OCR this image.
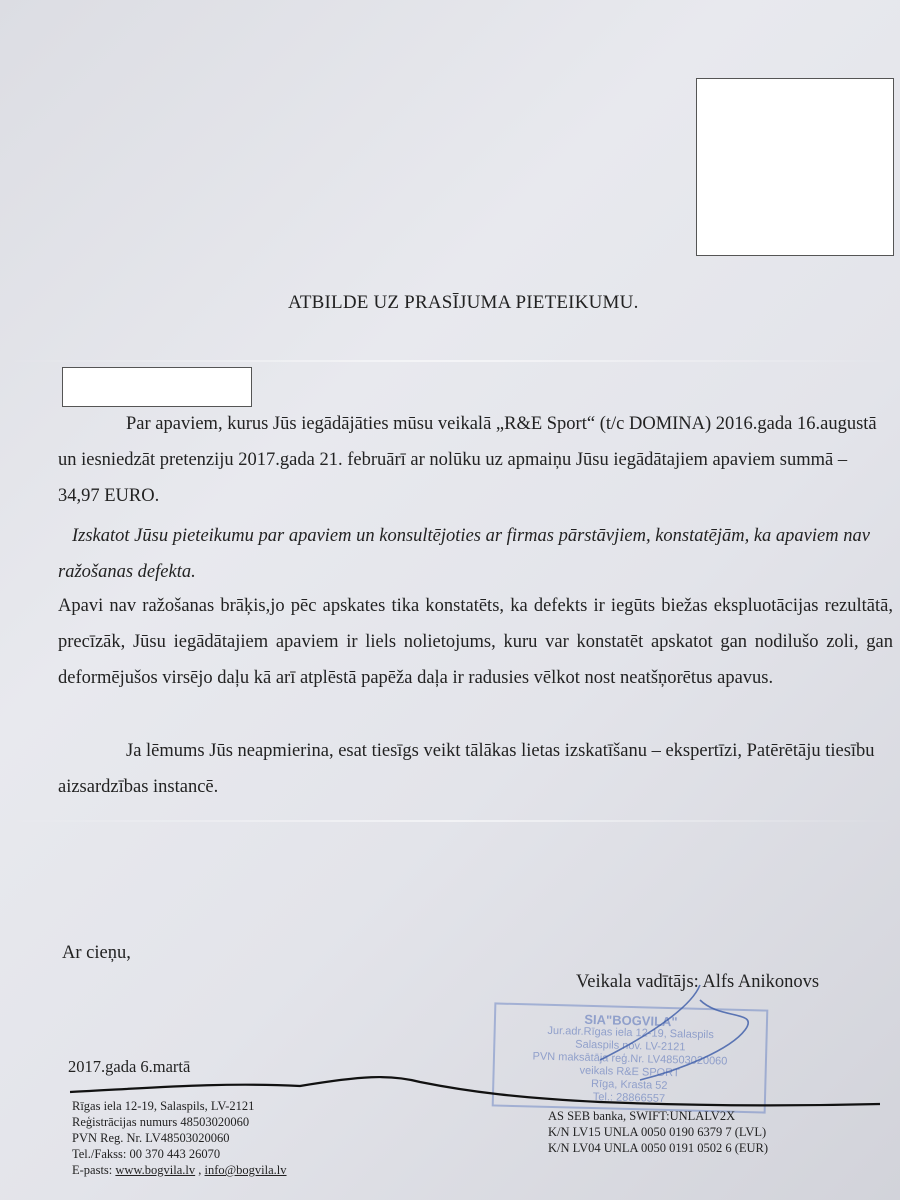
ATBILDE UZ PRASĪJUMA PIETEIKUMU.
Par apaviem, kurus Jūs iegādājāties mūsu veikalā „R&E Sport“ (t/c DOMINA) 2016.gada 16.augustā un iesniedzāt pretenziju 2017.gada 21. februārī ar nolūku uz apmaiņu Jūsu iegādātajiem apaviem summā – 34,97 EURO.
Izskatot Jūsu pieteikumu par apaviem un konsultējoties ar firmas pārstāvjiem, konstatējām, ka apaviem nav ražošanas defekta.
Apavi nav ražošanas brāķis,jo pēc apskates tika konstatēts, ka defekts ir iegūts biežas ekspluotācijas rezultātā, precīzāk, Jūsu iegādātajiem apaviem ir liels nolietojums, kuru var konstatēt apskatot gan nodilušo zoli, gan deformējušos virsējo daļu kā arī atplēstā papēža daļa ir radusies vēlkot nost neatšņorētus apavus.
Ja lēmums Jūs neapmierina, esat tiesīgs veikt tālākas lietas izskatīšanu – ekspertīzi, Patērētāju tiesību aizsardzības instancē.
Ar cieņu,
Veikala vadītājs: Alfs Anikonovs
SIA"BOGVILA"
Jur.adr.Rīgas iela 12-19, Salaspils
Salaspils nov. LV-2121
PVN maksātāja reģ.Nr. LV48503020060
veikals R&E SPORT
Rīga, Krasta 52
Tel.: 28866557
2017.gada 6.martā
Rīgas iela 12-19, Salaspils, LV-2121
Reģistrācijas numurs 48503020060
PVN Reg. Nr. LV48503020060
Tel./Fakss: 00 370 443 26070
E-pasts: www.bogvila.lv , info@bogvila.lv
AS SEB banka, SWIFT:UNLALV2X
K/N LV15 UNLA 0050 0190 6379 7 (LVL)
K/N LV04 UNLA 0050 0191 0502 6 (EUR)
